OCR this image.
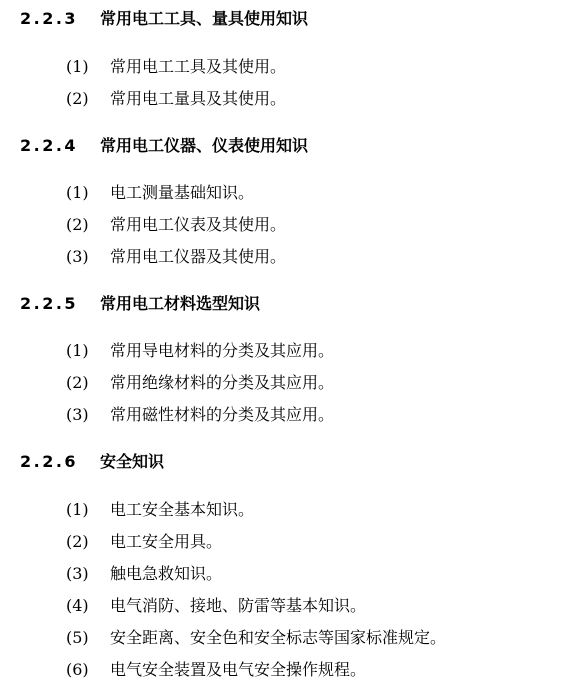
2.2.3 常用电工工具、量具使用知识

(1) 常用电工工具及其使用。

(2) 常用电工量具及其使用。

2.2.4 常用电工仪器、仪表使用知识

(1) 电工测量基础知识。

(2) 常用电工仪表及其使用。

(3) 常用电工仪器及其使用。

2.2.5 常用电工材料选型知识

(1) 常用导电材料的分类及其应用。

(2) 常用绝缘材料的分类及其应用。

(3) 常用磁性材料的分类及其应用。

2.2.6 安全知识

(1) 电工安全基本知识。

(2) 电工安全用具。

(3) 触电急救知识。

(4) 电气消防、接地、防雷等基本知识。

(5) 安全距离、安全色和安全标志等国家标准规定。

(6) 电气安全装置及电气安全操作规程。
